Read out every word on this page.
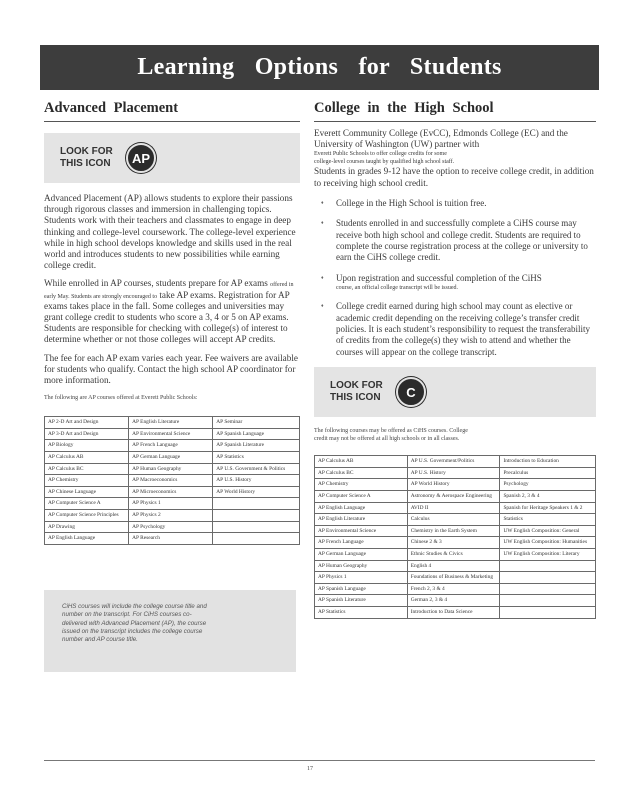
Learning Options for Students
Advanced Placement
LOOK FOR THIS ICON	AP
Advanced Placement (AP) allows students to explore their passions through rigorous classes and immersion in challenging topics. Students work with their teachers and classmates to engage in deep thinking and college-level coursework. The college-level experience while in high school develops knowledge and skills used in the real world and introduces students to new possibilities while earning college credit.
While enrolled in AP courses, students prepare for AP exams offered in early May. Students are strongly encouraged to take AP exams. Registration for AP exams takes place in the fall. Some colleges and universities may grant college credit to students who score a 3, 4 or 5 on AP exams. Students are responsible for checking with college(s) of interest to determine whether or not those colleges will accept AP credits.
The fee for each AP exam varies each year. Fee waivers are available for students who qualify. Contact the high school AP coordinator for more information.
The following are AP courses offered at Everett Public Schools:
AP 2-D Art and Design	AP English Literature	AP Seminar
AP 3-D Art and Design	AP Environmental Science	AP Spanish Language
AP Biology	AP French Language	AP Spanish Literature
AP Calculus AB	AP German Language	AP Statistics
AP Calculus BC	AP Human Geography	AP U.S. Government & Politics
AP Chemistry	AP Macroeconomics	AP U.S. History
AP Chinese Language	AP Microeconomics	AP World History
AP Computer Science A	AP Physics 1	
AP Computer Science Principles	AP Physics 2	
AP Drawing	AP Psychology	
AP English Language	AP Research	
CiHS courses will include the college course title and number on the transcript. For CiHS courses co-delivered with Advanced Placement (AP), the course issued on the transcript includes the college course number and AP course title.
College in the High School
Everett Community College (EvCC), Edmonds College (EC) and the University of Washington (UW) partner with
Everett Public Schools to offer college credits for some
college-level courses taught by qualified high school staff.
Students in grades 9-12 have the option to receive college credit, in addition to receiving high school credit.
♦ College in the High School is tuition free.
♦ Students enrolled in and successfully complete a CiHS course may receive both high school and college credit. Students are required to complete the course registration process at the college or university to earn the CiHS college credit.
♦ Upon registration and successful completion of the CiHS
course, an official college transcript will be issued.
♦ College credit earned during high school may count as elective or academic credit depending on the receiving college’s transfer credit policies. It is each student’s responsibility to request the transferability of credits from the college(s) they wish to attend and whether the courses will appear on the college transcript.
LOOK FOR THIS ICON	C
The following courses may be offered as CiHS courses. College
credit may not be offered at all high schools or in all classes.
AP Calculus AB	AP U.S. Government/Politics	Introduction to Education
AP Calculus BC	AP U.S. History	Precalculus
AP Chemistry	AP World History	Psychology
AP Computer Science A	Astronomy & Aerospace Engineering	Spanish 2, 3 & 4
AP English Language	AVID II	Spanish for Heritage Speakers 1 & 2
AP English Literature	Calculus	Statistics
AP Environmental Science	Chemistry in the Earth System	UW English Composition: General
AP French Language	Chinese 2 & 3	UW English Composition: Humanities
AP German Language	Ethnic Studies & Civics	UW English Composition: Literary
AP Human Geography	English 4	
AP Physics 1	Foundations of Business & Marketing	
AP Spanish Language	French 2, 3 & 4	
AP Spanish Literature	German 2, 3 & 4	
AP Statistics	Introduction to Data Science	
17
